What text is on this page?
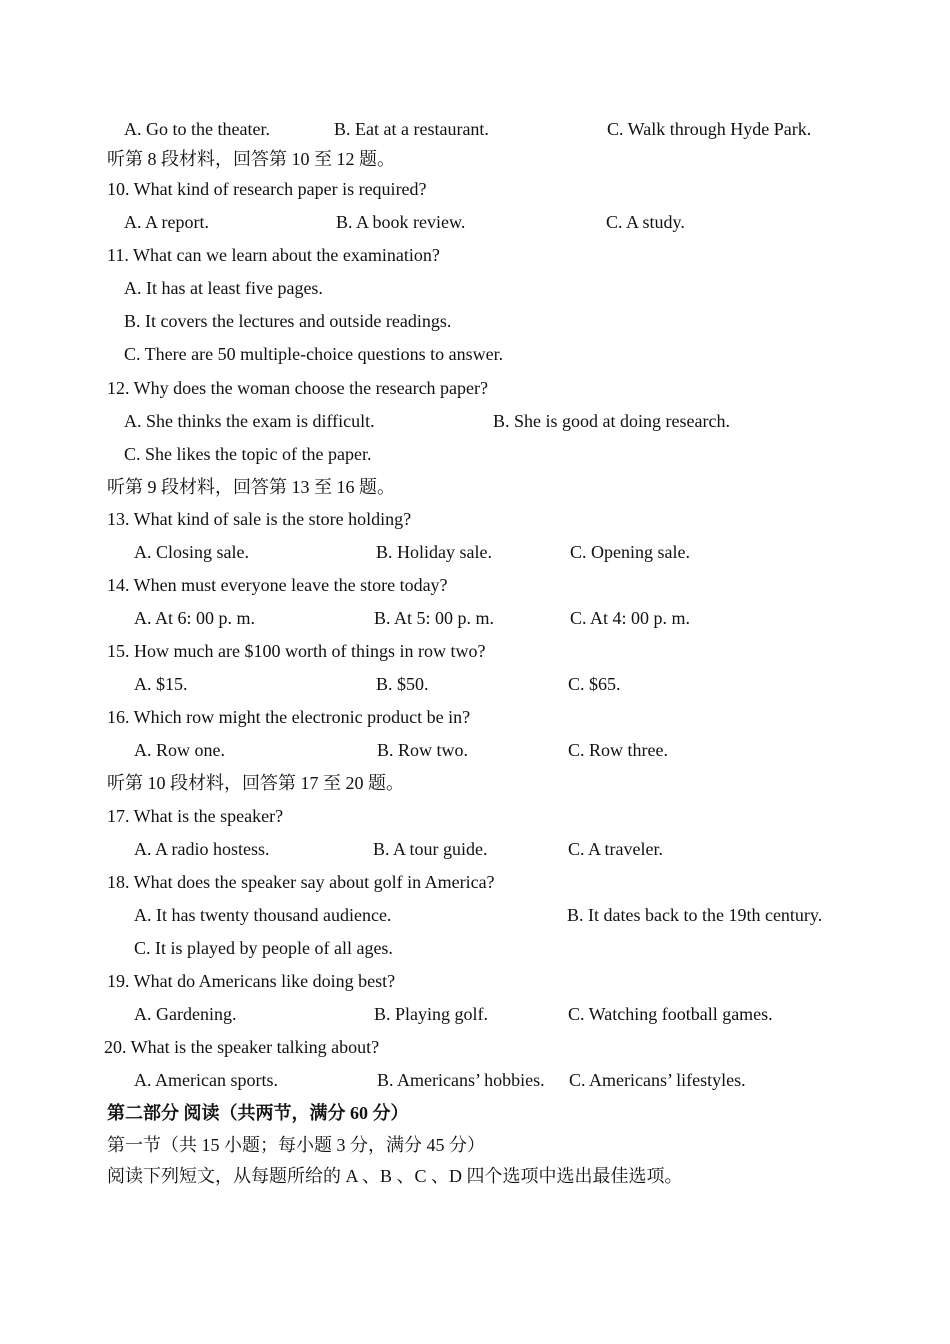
A. Go to the theater.	B. Eat at a restaurant.	C. Walk through Hyde Park.
听第 8 段材料，回答第 10 至 12 题。
10. What kind of research paper is required?
A. A report.	B. A book review.	C. A study.
11. What can we learn about the examination?
A. It has at least five pages.
B. It covers the lectures and outside readings.
C. There are 50 multiple-choice questions to answer.
12. Why does the woman choose the research paper?
A. She thinks the exam is difficult.	B. She is good at doing research.
C. She likes the topic of the paper.
听第 9 段材料，回答第 13 至 16 题。
13. What kind of sale is the store holding?
A. Closing sale.	B. Holiday sale.	C. Opening sale.
14. When must everyone leave the store today?
A. At 6: 00 p. m.	B. At 5: 00 p. m.	C. At 4: 00 p. m.
15. How much are $100 worth of things in row two?
A. $15.	B. $50.	C. $65.
16. Which row might the electronic product be in?
A. Row one.	B. Row two.	C. Row three.
听第 10 段材料，回答第 17 至 20 题。
17. What is the speaker?
A. A radio hostess.	B. A tour guide.	C. A traveler.
18. What does the speaker say about golf in America?
A. It has twenty thousand audience.	B. It dates back to the 19th century.
C. It is played by people of all ages.
19. What do Americans like doing best?
A. Gardening.	B. Playing golf.	C. Watching football games.
20. What is the speaker talking about?
A. American sports.	B. Americans’ hobbies. C. Americans’ lifestyles.
第二部分 阅读（共两节，满分 60 分）
第一节（共 15 小题；每小题 3 分，满分 45 分）
阅读下列短文，从每题所给的 A 、B 、C 、D 四个选项中选出最佳选项。
